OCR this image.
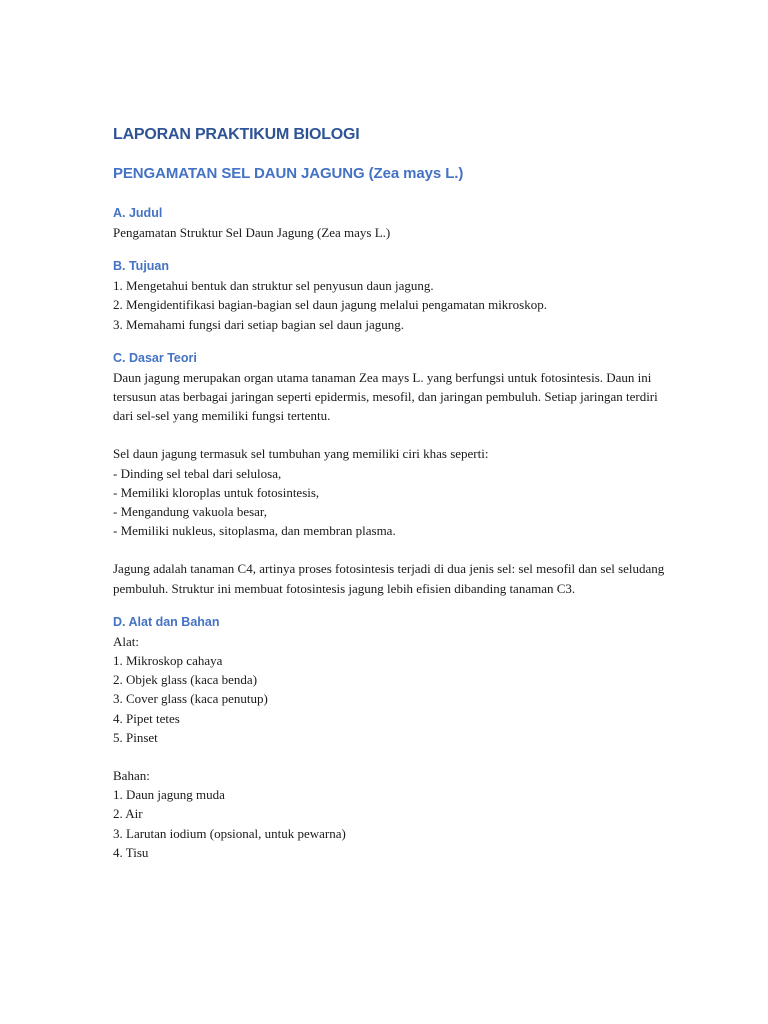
LAPORAN PRAKTIKUM BIOLOGI
PENGAMATAN SEL DAUN JAGUNG (Zea mays L.)
A. Judul

Pengamatan Struktur Sel Daun Jagung (Zea mays L.)

B. Tujuan
1. Mengetahui bentuk dan struktur sel penyusun daun jagung.
2. Mengidentifikasi bagian-bagian sel daun jagung melalui pengamatan mikroskop.
3. Memahami fungsi dari setiap bagian sel daun jagung.
C. Dasar Teori

Daun jagung merupakan organ utama tanaman Zea mays L. yang berfungsi untuk fotosintesis. Daun ini tersusun atas berbagai jaringan seperti epidermis, mesofil, dan jaringan pembuluh. Setiap jaringan terdiri dari sel-sel yang memiliki fungsi tertentu.

Sel daun jagung termasuk sel tumbuhan yang memiliki ciri khas seperti:

- Dinding sel tebal dari selulosa,
- Memiliki kloroplas untuk fotosintesis,
- Mengandung vakuola besar,
- Memiliki nukleus, sitoplasma, dan membran plasma.

Jagung adalah tanaman C4, artinya proses fotosintesis terjadi di dua jenis sel: sel mesofil dan sel seludang pembuluh. Struktur ini membuat fotosintesis jagung lebih efisien dibanding tanaman C3.

D. Alat dan Bahan

Alat:

1. Mikroskop cahaya
2. Objek glass (kaca benda)
3. Cover glass (kaca penutup)
4. Pipet tetes
5. Pinset

Bahan:

1. Daun jagung muda
2. Air
3. Larutan iodium (opsional, untuk pewarna)
4. Tisu
